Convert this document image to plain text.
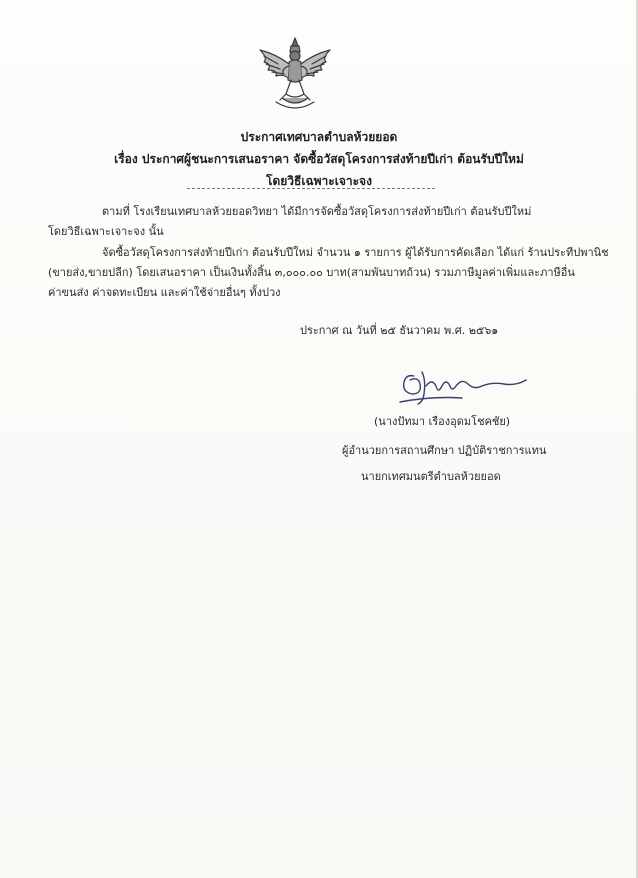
ประกาศเทศบาลตำบลห้วยยอด
เรื่อง ประกาศผู้ชนะการเสนอราคา จัดซื้อวัสดุโครงการส่งท้ายปีเก่า ต้อนรับปีใหม่
โดยวิธีเฉพาะเจาะจง
ตามที่ โรงเรียนเทศบาลห้วยยอดวิทยา ได้มีการจัดซื้อวัสดุโครงการส่งท้ายปีเก่า ต้อนรับปีใหม่
โดยวิธีเฉพาะเจาะจง นั้น
จัดซื้อวัสดุโครงการส่งท้ายปีเก่า ต้อนรับปีใหม่ จำนวน ๑ รายการ ผู้ได้รับการคัดเลือก ได้แก่ ร้านประทีปพานิช
(ขายส่ง,ขายปลีก) โดยเสนอราคา เป็นเงินทั้งสิ้น ๓,๐๐๐.๐๐ บาท(สามพันบาทถ้วน) รวมภาษีมูลค่าเพิ่มและภาษีอื่น
ค่าขนส่ง ค่าจดทะเบียน และค่าใช้จ่ายอื่นๆ ทั้งปวง
ประกาศ ณ วันที่ ๒๕ ธันวาคม พ.ศ. ๒๕๖๑
(นางปัทมา เรืองอุดมโชคชัย)
ผู้อำนวยการสถานศึกษา ปฏิบัติราชการแทน
นายกเทศมนตรีตำบลห้วยยอด
